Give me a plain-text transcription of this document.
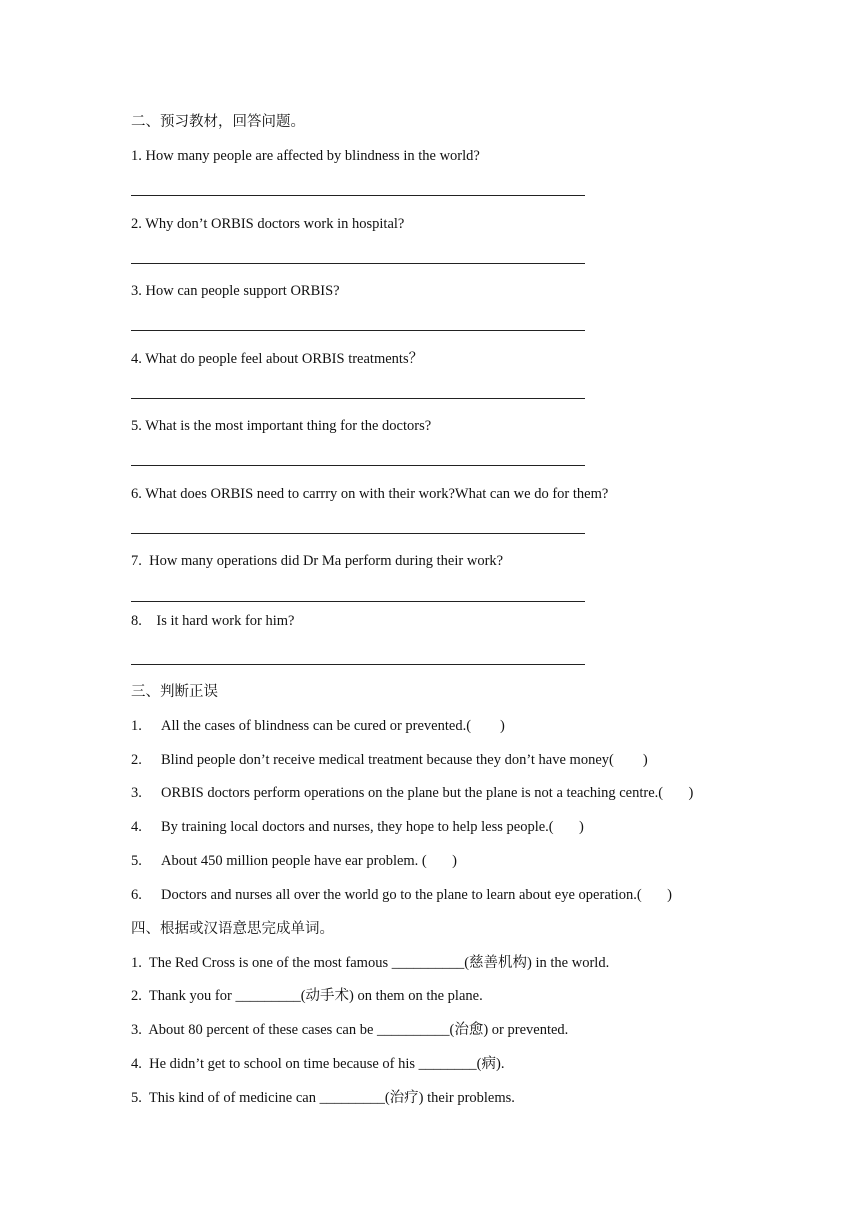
二、预习教材，回答问题。
1. How many people are affected by blindness in the world?
2. Why don’t ORBIS doctors work in hospital?
3. How can people support ORBIS?
4. What do people feel about ORBIS treatments？
5. What is the most important thing for the doctors?
6. What does ORBIS need to carrry on with their work?What can we do for them?
7.  How many operations did Dr Ma perform during their work?
8.    Is it hard work for him?
三、判断正误
1. All the cases of blindness can be cured or prevented.(        )
2. Blind people don’t receive medical treatment because they don’t have money(        )
3. ORBIS doctors perform operations on the plane but the plane is not a teaching centre.(       )
4. By training local doctors and nurses, they hope to help less people.(       )
5. About 450 million people have ear problem. (       )
6. Doctors and nurses all over the world go to the plane to learn about eye operation.(       )
四、根据或汉语意思完成单词。
1.  The Red Cross is one of the most famous __________(慈善机构) in the world.
2.  Thank you for _________(动手术) on them on the plane.
3.  About 80 percent of these cases can be __________(治愈) or prevented.
4.  He didn’t get to school on time because of his ________(病).
5.  This kind of of medicine can _________(治疗) their problems.
